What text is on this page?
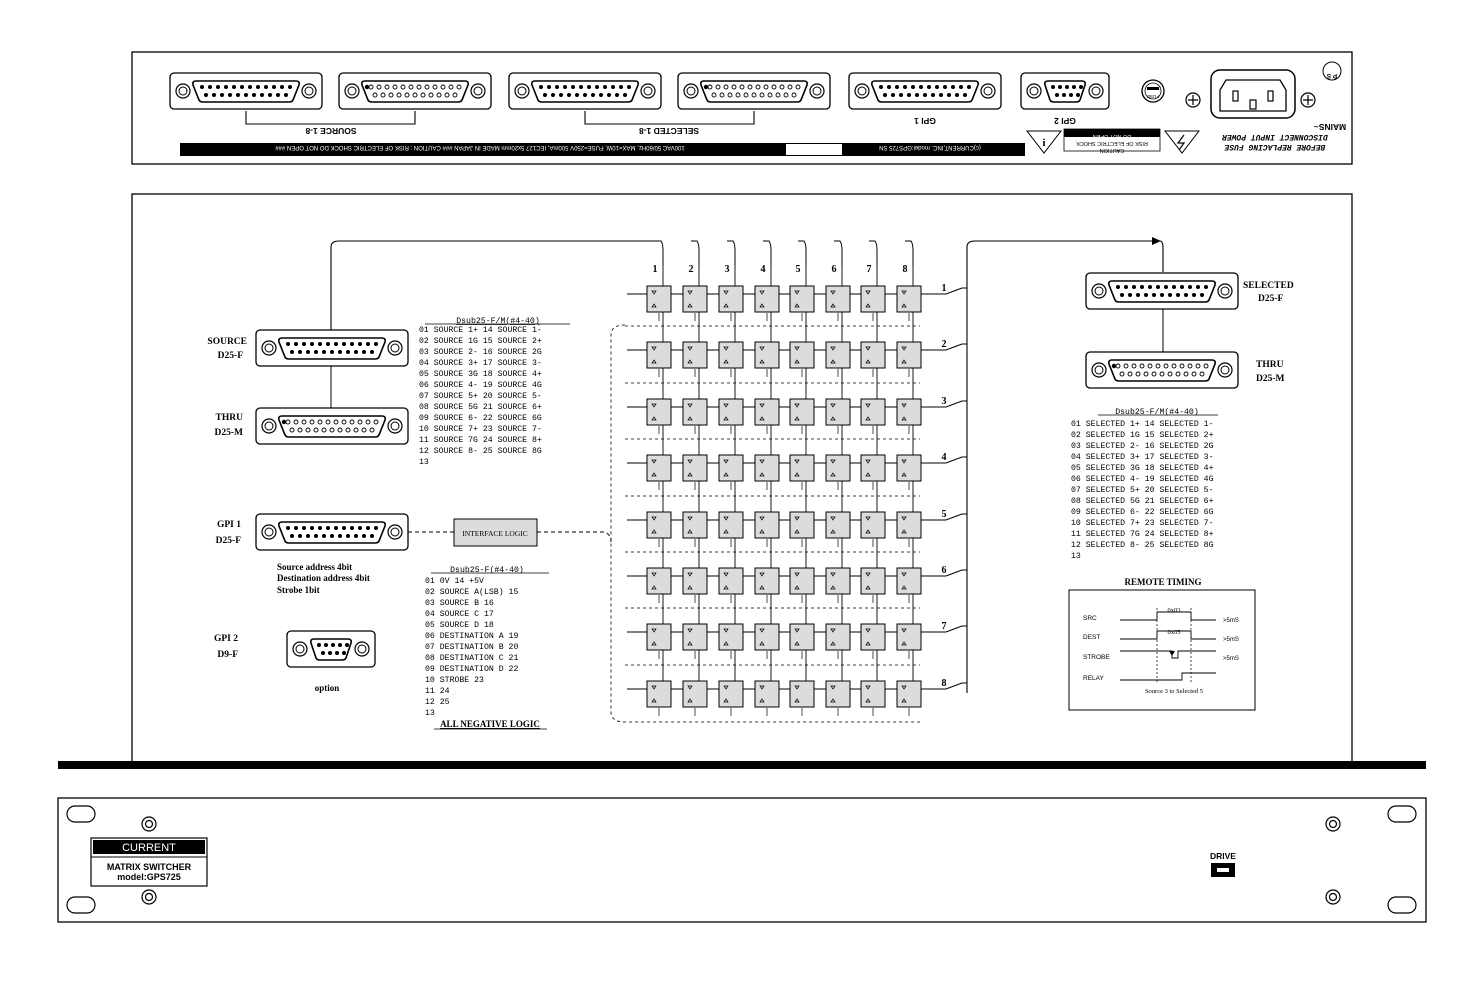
SOURCE 1-8	SELECTED 1-8
GPI 1	GPI 2
FUSE
MAINS~
P S
DISCONNECT INPUT POWER
BEFORE REPLACING FUSE
i
DO NOT OPEN
RISK OF ELECTRIC SHOCK
CAUTION
(c)CURRENT,INC. model:GPS725 SN
100VAC 50/60Hz, MAX=10W, FUSE=250V 500mA, IEC127 5x20mm MADE IN JAPAN ### CAUTION : RISK OF ELECTRIC SHOCK DO NOT OPEN ###
SOURCE
D25-F
THRU
D25-M
GPI 1
D25-F
GPI 2
D9-F
Source address 4bit
Destination address 4bit
Strobe 1bit
option
INTERFACE LOGIC
1	2	3	4	5	6	7	8
1
2
3
4
5
6
7
8
Dsub25-F/M(#4-40)
01 SOURCE 1+ 14 SOURCE 1-
02 SOURCE 1G 15 SOURCE 2+
03 SOURCE 2- 16 SOURCE 2G
04 SOURCE 3+ 17 SOURCE 3-
05 SOURCE 3G 18 SOURCE 4+
06 SOURCE 4- 19 SOURCE 4G
07 SOURCE 5+ 20 SOURCE 5-
08 SOURCE 5G 21 SOURCE 6+
09 SOURCE 6- 22 SOURCE 6G
10 SOURCE 7+ 23 SOURCE 7-
11 SOURCE 7G 24 SOURCE 8+
12 SOURCE 8- 25 SOURCE 8G
13
Dsub25-F(#4-40)
01 0V 14 +5V
02 SOURCE A(LSB) 15
03 SOURCE B 16
04 SOURCE C 17
05 SOURCE D 18
06 DESTINATION A 19
07 DESTINATION B 20
08 DESTINATION C 21
09 DESTINATION D 22
10 STROBE 23
11 24
12 25
13
ALL NEGATIVE LOGIC
SELECTED
D25-F
THRU
D25-M
Dsub25-F/M(#4-40)
01 SELECTED 1+ 14 SELECTED 1-
02 SELECTED 1G 15 SELECTED 2+
03 SELECTED 2- 16 SELECTED 2G
04 SELECTED 3+ 17 SELECTED 3-
05 SELECTED 3G 18 SELECTED 4+
06 SELECTED 4- 19 SELECTED 4G
07 SELECTED 5+ 20 SELECTED 5-
08 SELECTED 5G 21 SELECTED 6+
09 SELECTED 6- 22 SELECTED 6G
10 SELECTED 7+ 23 SELECTED 7-
11 SELECTED 7G 24 SELECTED 8+
12 SELECTED 8- 25 SELECTED 8G
13
REMOTE TIMING
SRC
DEST
STROBE
RELAY
0x03
0x05
>5mS
>5mS
>5mS
Source 3 to Selected 5
CURRENT
MATRIX SWITCHER
model:GPS725
DRIVE
